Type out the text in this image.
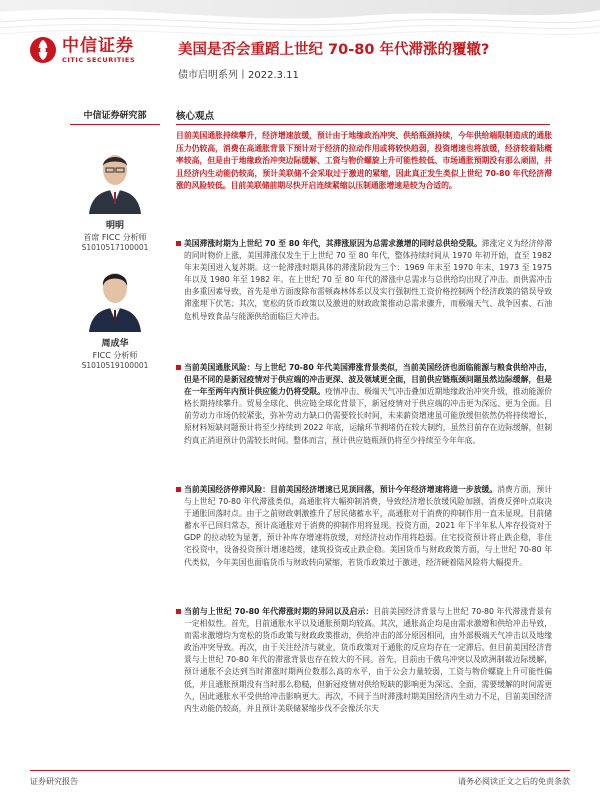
中信证券
CITIC SECURITIES
美国是否会重蹈上世纪 70-80 年代滞涨的覆辙?
债市启明系列丨2022.3.11
中信证券研究部
明明
首席 FICC 分析师
S1010517100001
周成华
FICC 分析师
S1010519100001
核心观点
目前美国通胀持续攀升，经济增速放缓，预计由于地缘政治冲突、供给瓶颈持续，今年供给端限制造成的通胀压力仍较高，消费在高通胀背景下预计对于经济的拉动作用或将较快趋弱，投资增速也将放缓，经济较着陆概率较高，但是由于地缘政治冲突边际缓解、工资与物价螺旋上升可能性较低、市场通胀预期没有那么顽固，并且经济内生动能仍较高，预计美联储不会采取过于激进的紧缩，因此真正发生类似上世纪 70-80 年代经济滞涨的风险较低。目前美联储前期尽快开启连续紧缩以压制通胀增速是较为合适的。

美国滞涨时期为上世纪 70 至 80 年代，其滞涨原因为总需求激增的同时总供给受限。滞涨定义为经济停滞的同时物价上涨，美国滞涨仅发生于上世纪 70 至 80 年代，整体持续时间从 1970 年初开始，直至 1982 年末美国进入复苏期。这一轮滞涨时期具体的滞涨阶段为三个：1969 年末至 1970 年末、1973 至 1975 年以及 1980 年至 1982 年。在上世纪 70 至 80 年代的滞涨中总需求与总供给均出现了冲击。而供需冲击由多重因素导致，首先是单方面废除布雷顿森林体系以及实行强制性工资价格控制两个经济政策的错误导致滞涨埋下伏笔；其次，宽松的货币政策以及激进的财政政策推动总需求骤升，而极端天气、战争因素、石油危机导致食品与能源供给面临巨大冲击。

当前美国通胀风险：与上世纪 70-80 年代美国滞涨背景类似，当前美国经济也面临能源与粮食供给冲击，但是不同的是新冠疫情对于供应端的冲击更深、波及领域更全面，目前供应链瓶颈问题虽然边际缓解，但是在一年至两年内预计供应能力仍将受限。疫情冲击、极端天气冲击叠加近期地缘政治冲突升级，推动能源价格长期持续攀升。贸易全球化、供应链全球化背景下，新冠疫情对于供应端的冲击更为深远、更为全面。目前劳动力市场仍较紧张，弥补劳动力缺口仍需要较长时间，未来薪资增速虽可能放缓但依然仍将持续增长，原材料短缺问题预计将至少持续到 2022 年底，运输环节拥堵仍在较大制约，虽然目前存在边际缓解，但制约真正消退预计仍需较长时间。整体而言，预计供应链瓶颈仍将至少持续至今年年底。

当前美国经济停滞风险：目前美国经济增速已见顶回落，预计今年经济增速将进一步放缓。消费方面，预计与上世纪 70-80 年代滞涨类似，高通胀将大幅抑制消费，导致经济增长放缓风险加剧，消费反弹叶点取决于通胀回落时点。由于之前财政刺激推升了居民储蓄水平，高通胀对于消费的抑制作用一直未显现，目前储蓄水平已回归常态，预计高通胀对于消费的抑制作用将显现。投资方面，2021 年下半年私人库存投资对于 GDP 的拉动较为显著，预计补库存增速将放缓，对经济拉动作用将趋弱。住宅投资预计将止跌企稳，非住宅投资中，设备投资预计增速趋缓，建筑投资或止跌企稳。美国货币与财政政策方面，与上世纪 70-80 年代类似，今年美国也面临货币与财政转向紧缩，若货币政策过于激进，经济硬着陆风险将大幅提升。

当前与上世纪 70-80 年代滞涨时期的异同以及启示：目前美国经济背景与上世纪 70-80 年代滞涨背景有一定相似性。首先，目前通胀水平以及通胀预期均较高。其次，通胀高企均是由需求激增和供给冲击导致，而需求激增均为宽松的货币政策与财政政策推动，供给冲击的部分原因相同，由外部极端天气冲击以及地缘政治冲突导致。再次，由于关注经济与就业，货币政策对于通胀的反应均存在一定滞后。但目前美国经济背景与上世纪 70-80 年代的滞涨背景也存在较大的不同。首先，目前由于俄乌冲突以及欧洲制裁边际缓解，预计通胀不会达到当时滞涨时期两位数那么高的水平，由于公会力量较弱，工资与物价螺旋上升可能性偏低，并且通胀预期没有当时那么稳糙，但新冠疫情对供给短缺的影响更为深远、全面，需要缓解的时间需更久，因此通胀水平受供给冲击影响更大。再次，不同于当时滞涨时期美国经济内生动力不足，目前美国经济内生动能仍较高，并且预计美联储紧缩步伐不会像沃尔夫

证券研究报告	请务必阅读正文之后的免责条款
